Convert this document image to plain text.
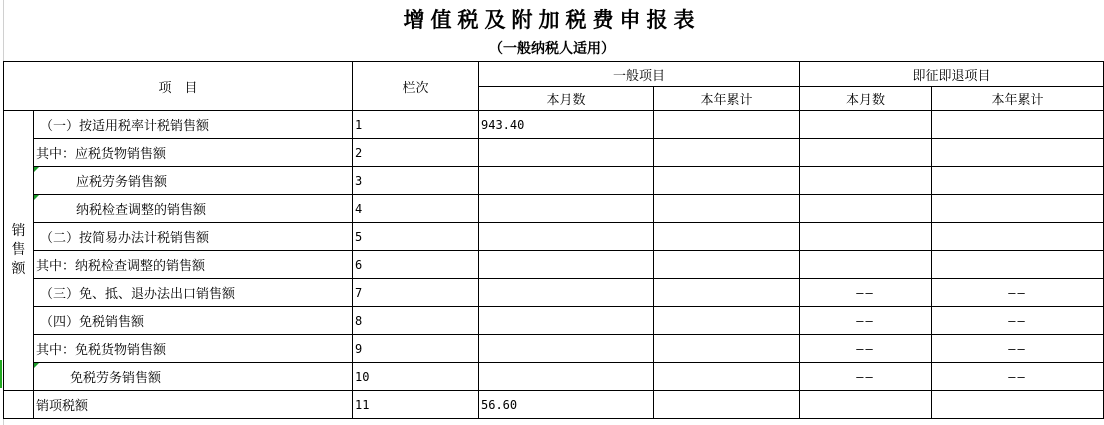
增值税及附加税费申报表
（一般纳税人适用）
项　目		栏次	一般项目		即征即退项目	
			本月数	本年累计	本月数	本年累计
销售额	（一）按适用税率计税销售额	1	943.40			
	其中：应税货物销售额	2				
	应税劳务销售额	3				
	纳税检查调整的销售额	4				
	（二）按简易办法计税销售额	5				
	其中：纳税检查调整的销售额	6				
	（三）免、抵、退办法出口销售额	7			——	——
	（四）免税销售额	8			——	——
	其中：免税货物销售额	9			——	——
	免税劳务销售额	10			——	——
	销项税额	11	56.60			
